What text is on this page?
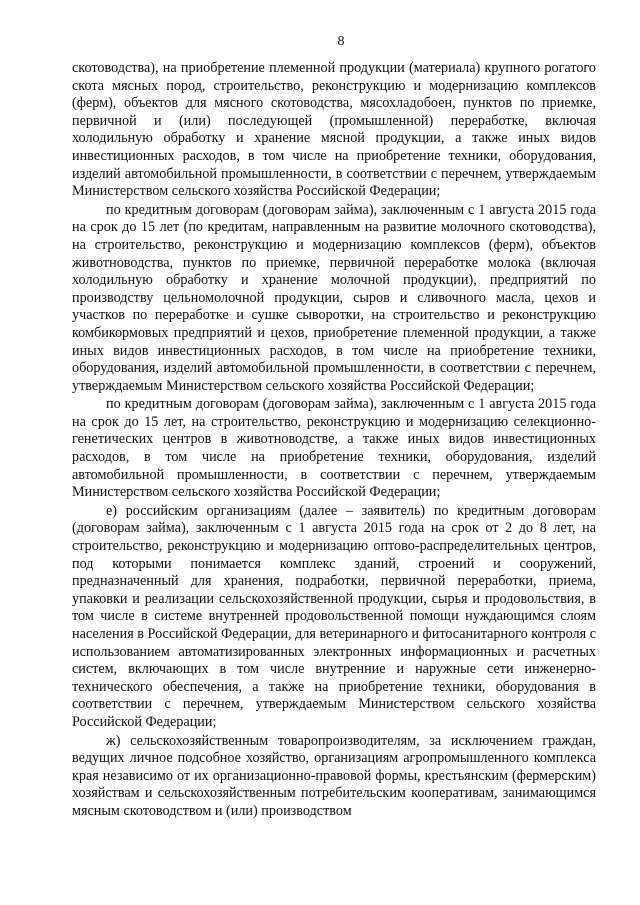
8

скотоводства), на приобретение племенной продукции (материала) крупного рогатого скота мясных пород, строительство, реконструкцию и модернизацию комплексов (ферм), объектов для мясного скотоводства, мясохладобоен, пунктов по приемке, первичной и (или) последующей (промышленной) переработке, включая холодильную обработку и хранение мясной продукции, а также иных видов инвестиционных расходов, в том числе на приобретение техники, оборудования, изделий автомобильной промышленности, в соответствии с перечнем, утверждаемым Министерством сельского хозяйства Российской Федерации;

по кредитным договорам (договорам займа), заключенным с 1 августа 2015 года на срок до 15 лет (по кредитам, направленным на развитие молочного скотоводства), на строительство, реконструкцию и модернизацию комплексов (ферм), объектов животноводства, пунктов по приемке, первичной переработке молока (включая холодильную обработку и хранение молочной продукции), предприятий по производству цельномолочной продукции, сыров и сливочного масла, цехов и участков по переработке и сушке сыворотки, на строительство и реконструкцию комбикормовых предприятий и цехов, приобретение племенной продукции, а также иных видов инвестиционных расходов, в том числе на приобретение техники, оборудования, изделий автомобильной промышленности, в соответствии с перечнем, утверждаемым Министерством сельского хозяйства Российской Федерации;

по кредитным договорам (договорам займа), заключенным с 1 августа 2015 года на срок до 15 лет, на строительство, реконструкцию и модернизацию селекционно-генетических центров в животноводстве, а также иных видов инвестиционных расходов, в том числе на приобретение техники, оборудования, изделий автомобильной промышленности, в соответствии с перечнем, утверждаемым Министерством сельского хозяйства Российской Федерации;

е) российским организациям (далее – заявитель) по кредитным договорам (договорам займа), заключенным с 1 августа 2015 года на срок от 2 до 8 лет, на строительство, реконструкцию и модернизацию оптово-распределительных центров, под которыми понимается комплекс зданий, строений и сооружений, предназначенный для хранения, подработки, первичной переработки, приема, упаковки и реализации сельскохозяйственной продукции, сырья и продовольствия, в том числе в системе внутренней продовольственной помощи нуждающимся слоям населения в Российской Федерации, для ветеринарного и фитосанитарного контроля с использованием автоматизированных электронных информационных и расчетных систем, включающих в том числе внутренние и наружные сети инженерно-технического обеспечения, а также на приобретение техники, оборудования в соответствии с перечнем, утверждаемым Министерством сельского хозяйства Российской Федерации;

ж) сельскохозяйственным товаропроизводителям, за исключением граждан, ведущих личное подсобное хозяйство, организациям агропромышленного комплекса края независимо от их организационно-правовой формы, крестьянским (фермерским) хозяйствам и сельскохозяйственным потребительским кооперативам, занимающимся мясным скотоводством и (или) производством
